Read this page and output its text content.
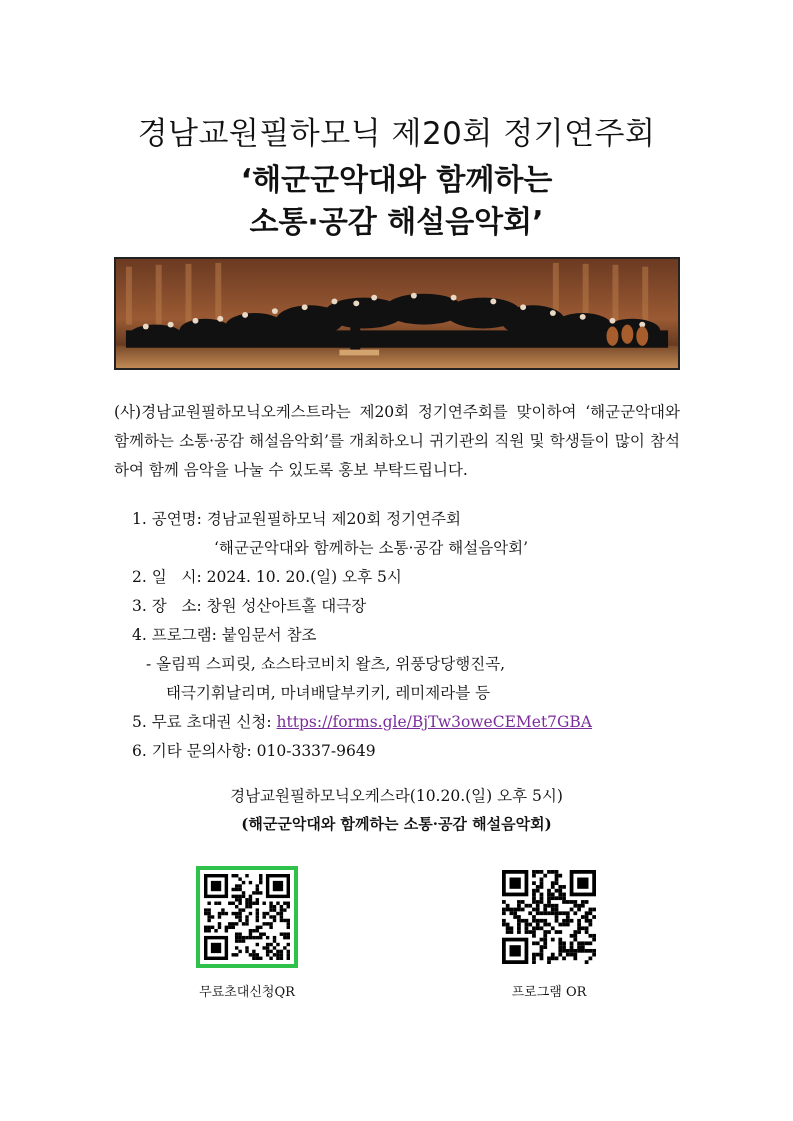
경남교원필하모닉 제20회 정기연주회
‘해군군악대와 함께하는
소통·공감 해설음악회’
(사)경남교원필하모닉오케스트라는 제20회 정기연주회를 맞이하여 ‘해군군악대와 함께하는 소통·공감 해설음악회’를 개최하오니 귀기관의 직원 및 학생들이 많이 참석하여 함께 음악을 나눌 수 있도록 홍보 부탁드립니다.
1. 공연명: 경남교원필하모닉 제20회 정기연주회
‘해군군악대와 함께하는 소통·공감 해설음악회’
2. 일   시: 2024. 10. 20.(일) 오후 5시
3. 장   소: 창원 성산아트홀 대극장
4. 프로그램: 붙임문서 참조
- 올림픽 스피릿, 쇼스타코비치 왈츠, 위풍당당행진곡,
태극기휘날리며, 마녀배달부키키, 레미제라블 등
5. 무료 초대권 신청: https://forms.gle/BjTw3oweCEMet7GBA
6. 기타 문의사항: 010-3337-9649
경남교원필하모닉오케스라(10.20.(일) 오후 5시)
(해군군악대와 함께하는 소통·공감 해설음악회)
무료초대신청QR	프로그램 OR
